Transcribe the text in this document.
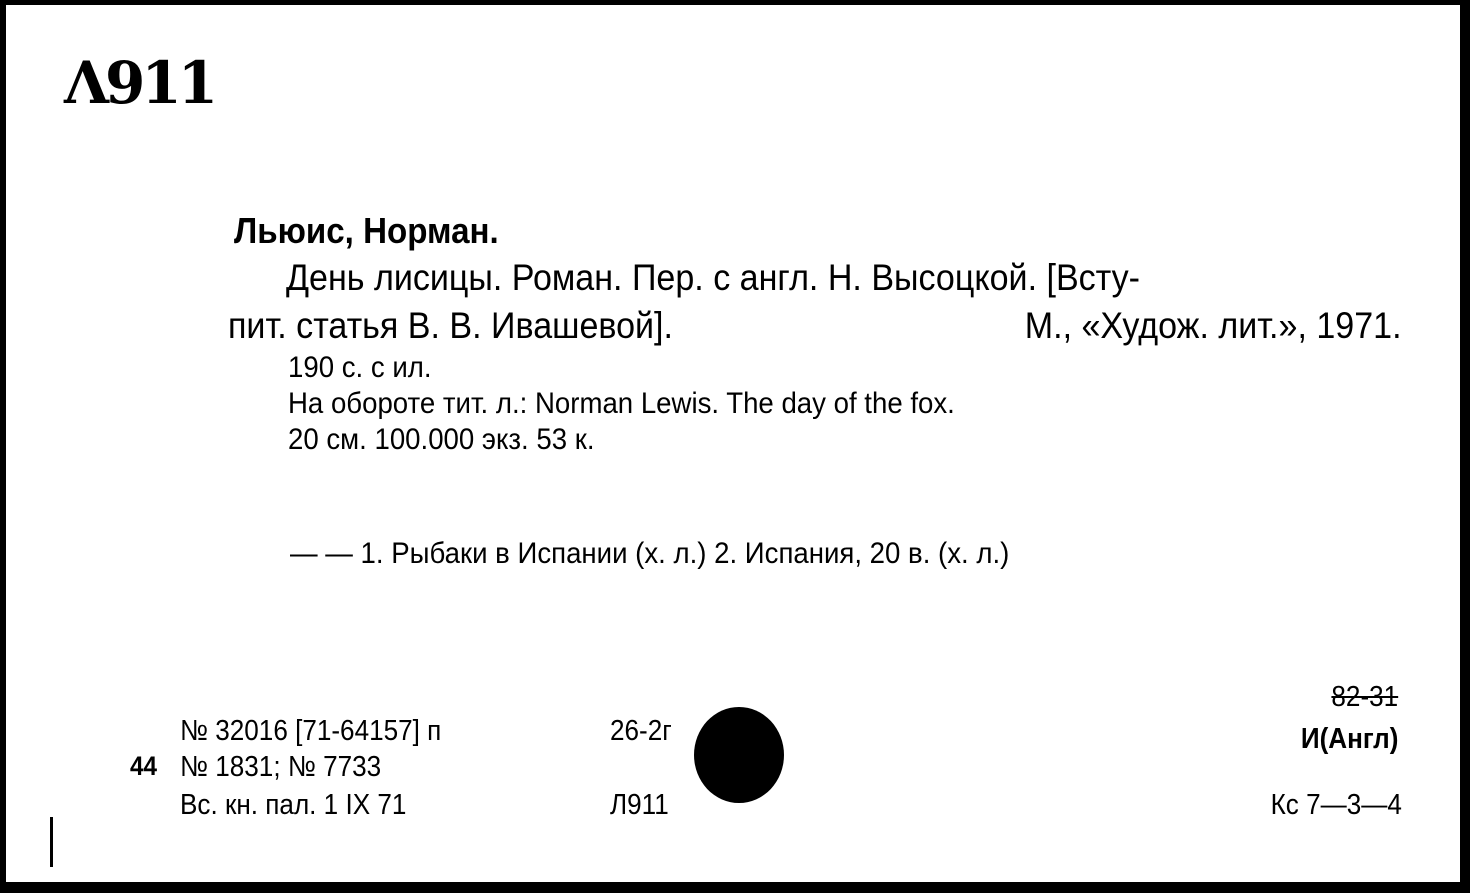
Λ911
Льюис, Норман.
День лисицы. Роман. Пер. с англ. Н. Высоцкой. [Всту-
пит. статья В. В. Ивашевой].	М., «Худож. лит.», 1971.
190 с. с ил.
На обороте тит. л.: Norman Lewis. The day of the fox.
20 см. 100.000 экз. 53 к.
— — 1. Рыбаки в Испании (х. л.) 2. Испания, 20 в. (х. л.)
№ 32016 [71-64157] п
44 № 1831; № 7733
Вс. кн. пал. 1 IX 71
26-2г
Л911
82-31
И(Англ)
Кс 7—3—4
